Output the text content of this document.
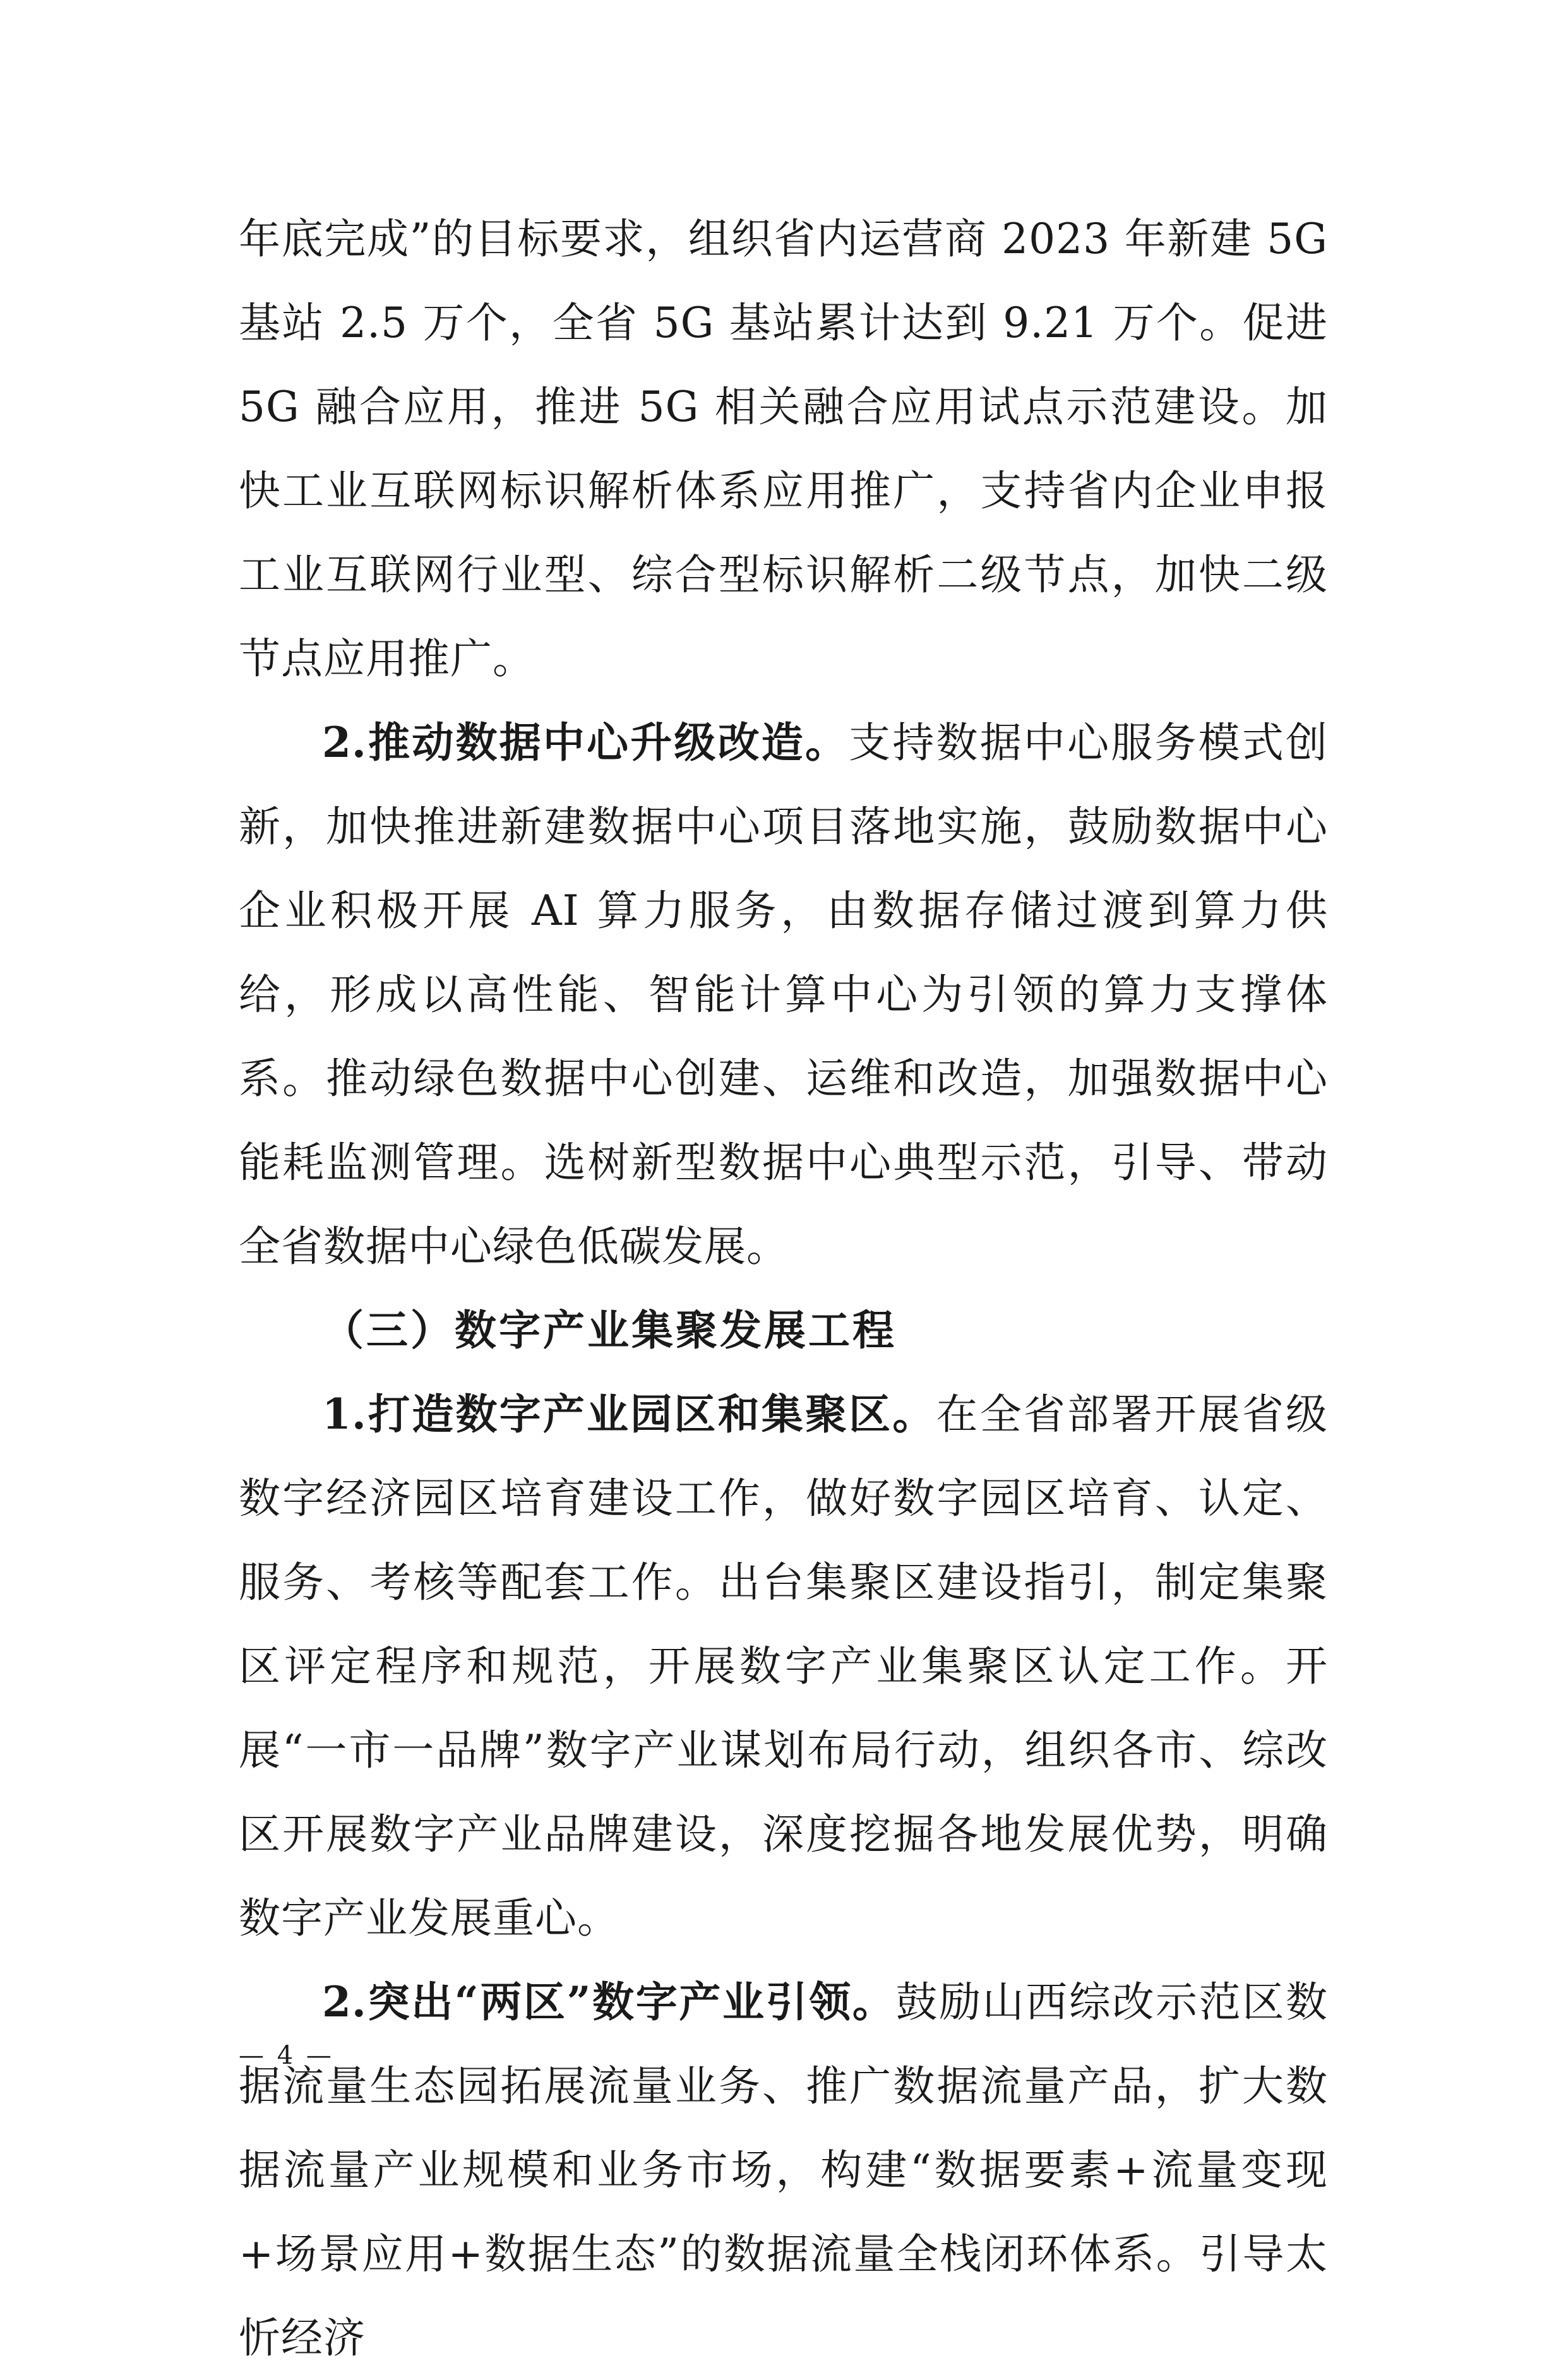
年底完成”的目标要求，组织省内运营商 2023 年新建 5G 基站 2.5 万个，全省 5G 基站累计达到 9.21 万个。促进 5G 融合应用，推进 5G 相关融合应用试点示范建设。加快工业互联网标识解析体系应用推广，支持省内企业申报工业互联网行业型、综合型标识解析二级节点，加快二级节点应用推广。

2.推动数据中心升级改造。支持数据中心服务模式创新，加快推进新建数据中心项目落地实施，鼓励数据中心企业积极开展 AI 算力服务，由数据存储过渡到算力供给，形成以高性能、智能计算中心为引领的算力支撑体系。推动绿色数据中心创建、运维和改造，加强数据中心能耗监测管理。选树新型数据中心典型示范，引导、带动全省数据中心绿色低碳发展。

（三）数字产业集聚发展工程

1.打造数字产业园区和集聚区。在全省部署开展省级数字经济园区培育建设工作，做好数字园区培育、认定、服务、考核等配套工作。出台集聚区建设指引，制定集聚区评定程序和规范，开展数字产业集聚区认定工作。开展“一市一品牌”数字产业谋划布局行动，组织各市、综改区开展数字产业品牌建设，深度挖掘各地发展优势，明确数字产业发展重心。

2.突出“两区”数字产业引领。鼓励山西综改示范区数据流量生态园拓展流量业务、推广数据流量产品，扩大数据流量产业规模和业务市场，构建“数据要素+流量变现+场景应用+数据生态”的数据流量全栈闭环体系。引导太忻经济

— 4 —
